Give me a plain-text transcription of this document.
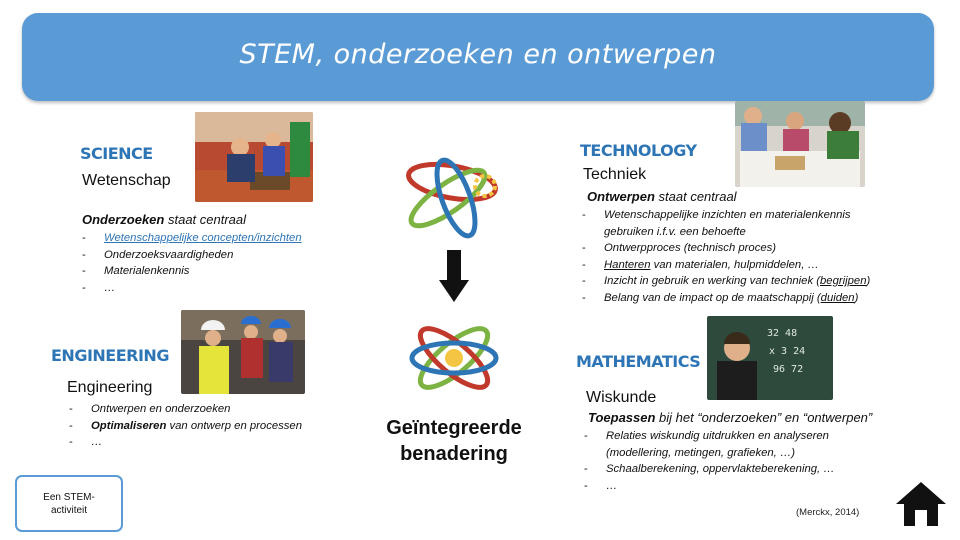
STEM, onderzoeken en ontwerpen
SCIENCE
Wetenschap
Onderzoeken staat centraal
- Wetenschappelijke concepten/inzichten
- Onderzoeksvaardigheden
- Materialenkennis
- …
TECHNOLOGY
Techniek
Ontwerpen staat centraal
- Wetenschappelijke inzichten en materialenkennis
gebruiken i.f.v. een behoefte
- Ontwerpproces (technisch proces)
- Hanteren van materialen, hulpmiddelen, …
- Inzicht in gebruik en werking van techniek (begrijpen)
- Belang van de impact op de maatschappij (duiden)
ENGINEERING
Engineering
- Ontwerpen en onderzoeken
- Optimaliseren van ontwerp en processen
- …
MATHEMATICS
Wiskunde
Toepassen bij het “onderzoeken” en “ontwerpen”
- Relaties wiskundig uitdrukken en analyseren
(modellering, metingen, grafieken, …)
- Schaalberekening, oppervlakteberekening, …
- …
32 48
x 3 24
96 72
Geïntegreerde
benadering
Een STEM-activiteit	(Merckx, 2014)
